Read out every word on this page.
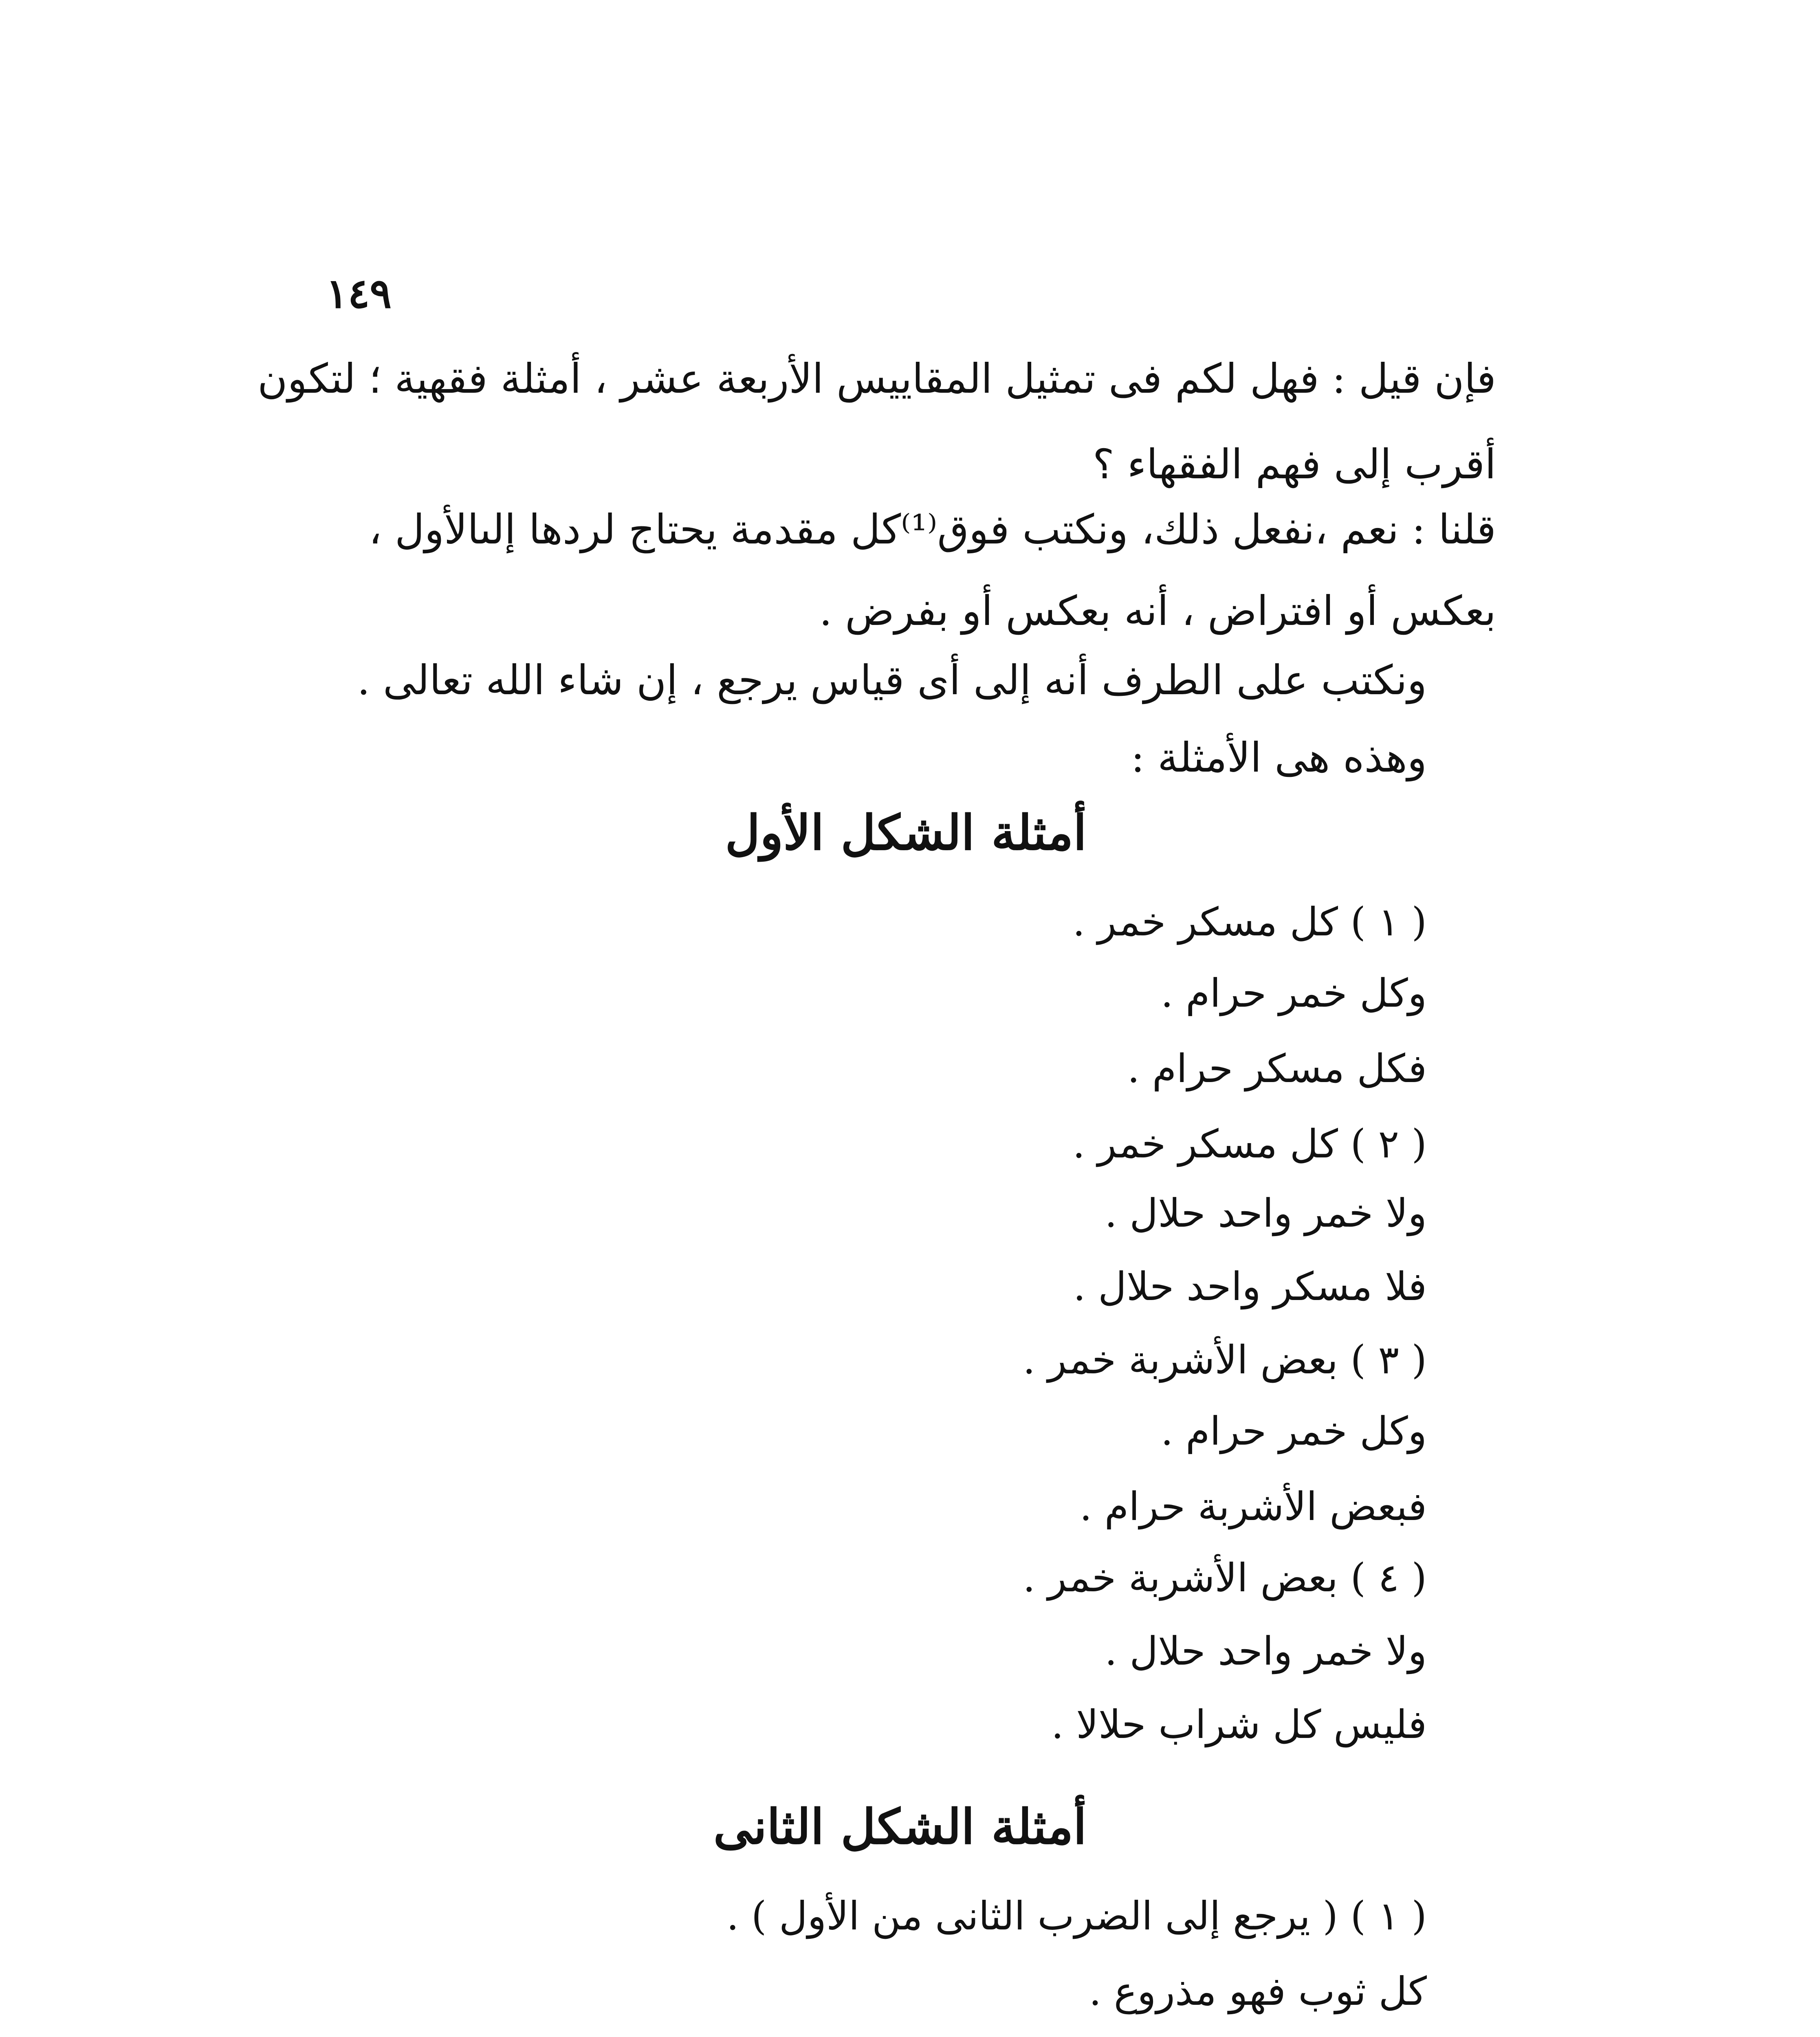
١٤٩
فإن قيل : فهل لكم فى تمثيل المقاييس الأربعة عشر ، أمثلة فقهية ؛ لتكون
أقرب إلى فهم الفقهاء ؟
قلنا : نعم ،نفعل ذلك، ونكتب فوق⁽¹⁾كل مقدمة يحتاج لردها إلىالأول ،
بعكس أو افتراض ، أنه بعكس أو بفرض .
ونكتب على الطرف أنه إلى أى قياس يرجع ، إن شاء الله تعالى .
وهذه هى الأمثلة :
أمثلة الشكل الأول
( ١ ) كل مسكر خمر .
وكل خمر حرام .
فكل مسكر حرام .
( ٢ ) كل مسكر خمر .
ولا خمر واحد حلال .
فلا مسكر واحد حلال .
( ٣ ) بعض الأشربة خمر .
وكل خمر حرام .
فبعض الأشربة حرام .
( ٤ ) بعض الأشربة خمر .
ولا خمر واحد حلال .
فليس كل شراب حلالا .
أمثلة الشكل الثانى
( ١ ) ( يرجع إلى الضرب الثانى من الأول ) .
كل ثوب فهو مذروع .
